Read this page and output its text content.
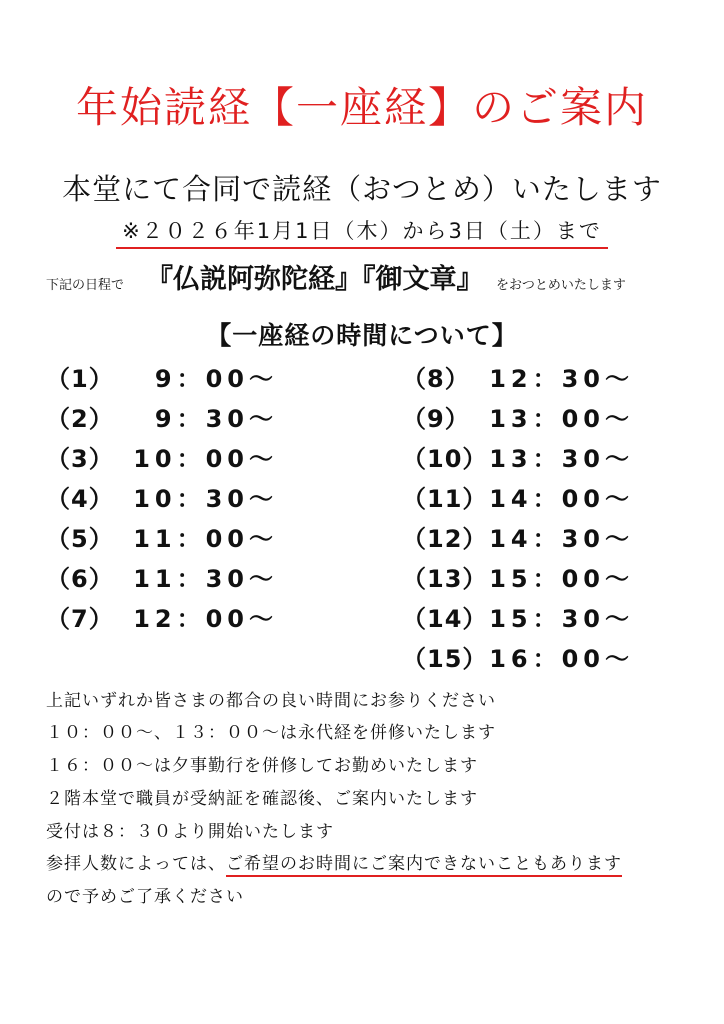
年始読経【一座経】のご案内
本堂にて合同で読経（おつとめ）いたします
※２０２６年1月1日（木）から3日（土）まで
下記の日程で 『仏説阿弥陀経』『御文章』 をおつとめいたします
【一座経の時間について】
（1） 9：00～
（2） 9：30～
（3） 10：00～
（4） 10：30～
（5） 11：00～
（6） 11：30～
（7） 12：00～
（8） 12：30～
（9） 13：00～
（10）13：30～
（11）14：00～
（12）14：30～
（13）15：00～
（14）15：30～
（15）16：00～
上記いずれか皆さまの都合の良い時間にお参りください
１０：００～、１３：００～は永代経を併修いたします
１６：００～は夕事勤行を併修してお勤めいたします
２階本堂で職員が受納証を確認後、ご案内いたします
受付は８：３０より開始いたします
参拝人数によっては、ご希望のお時間にご案内できないこともあります
ので予めご了承ください
